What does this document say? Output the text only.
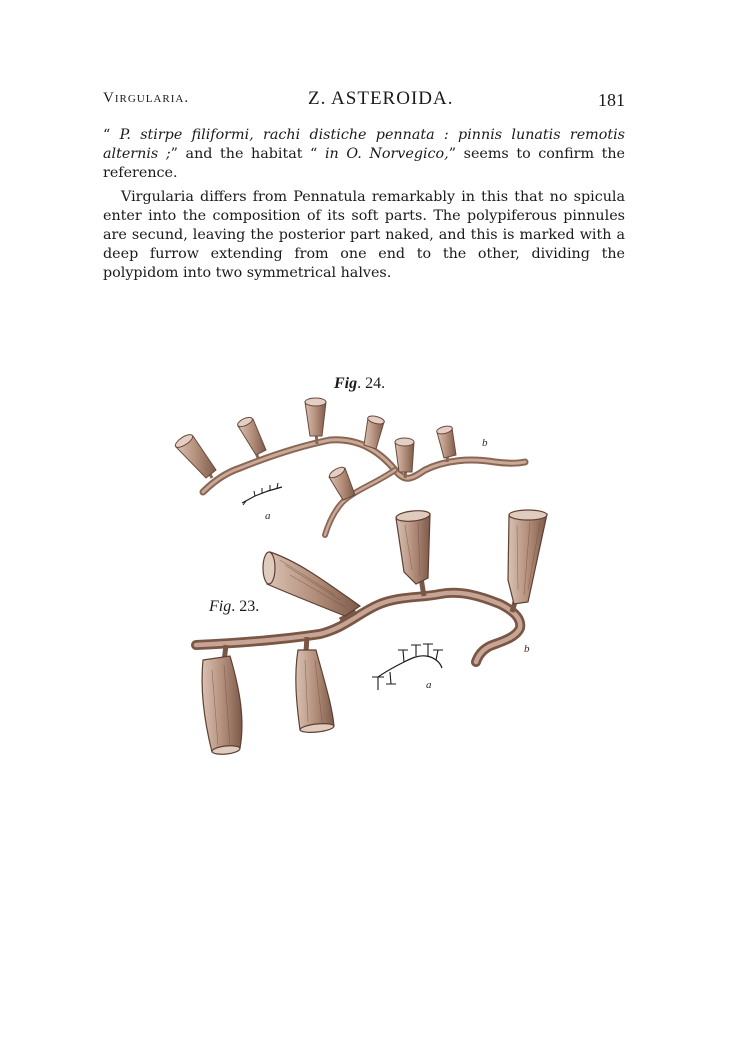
Virgularia.	Z. ASTEROIDA.	181

“ P. stirpe filiformi, rachi distiche pennata : pinnis lunatis remotis alternis ;” and the habitat “ in O. Norvegico,” seems to confirm the reference.

Virgularia differs from Pennatula remarkably in this that no spicula enter into the composition of its soft parts. The polypiferous pinnules are secund, leaving the posterior part naked, and this is marked with a deep furrow extending from one end to the other, dividing the polypidom into two symmetrical halves.

Fig. 24.
Fig. 23.
a
b
a
b
